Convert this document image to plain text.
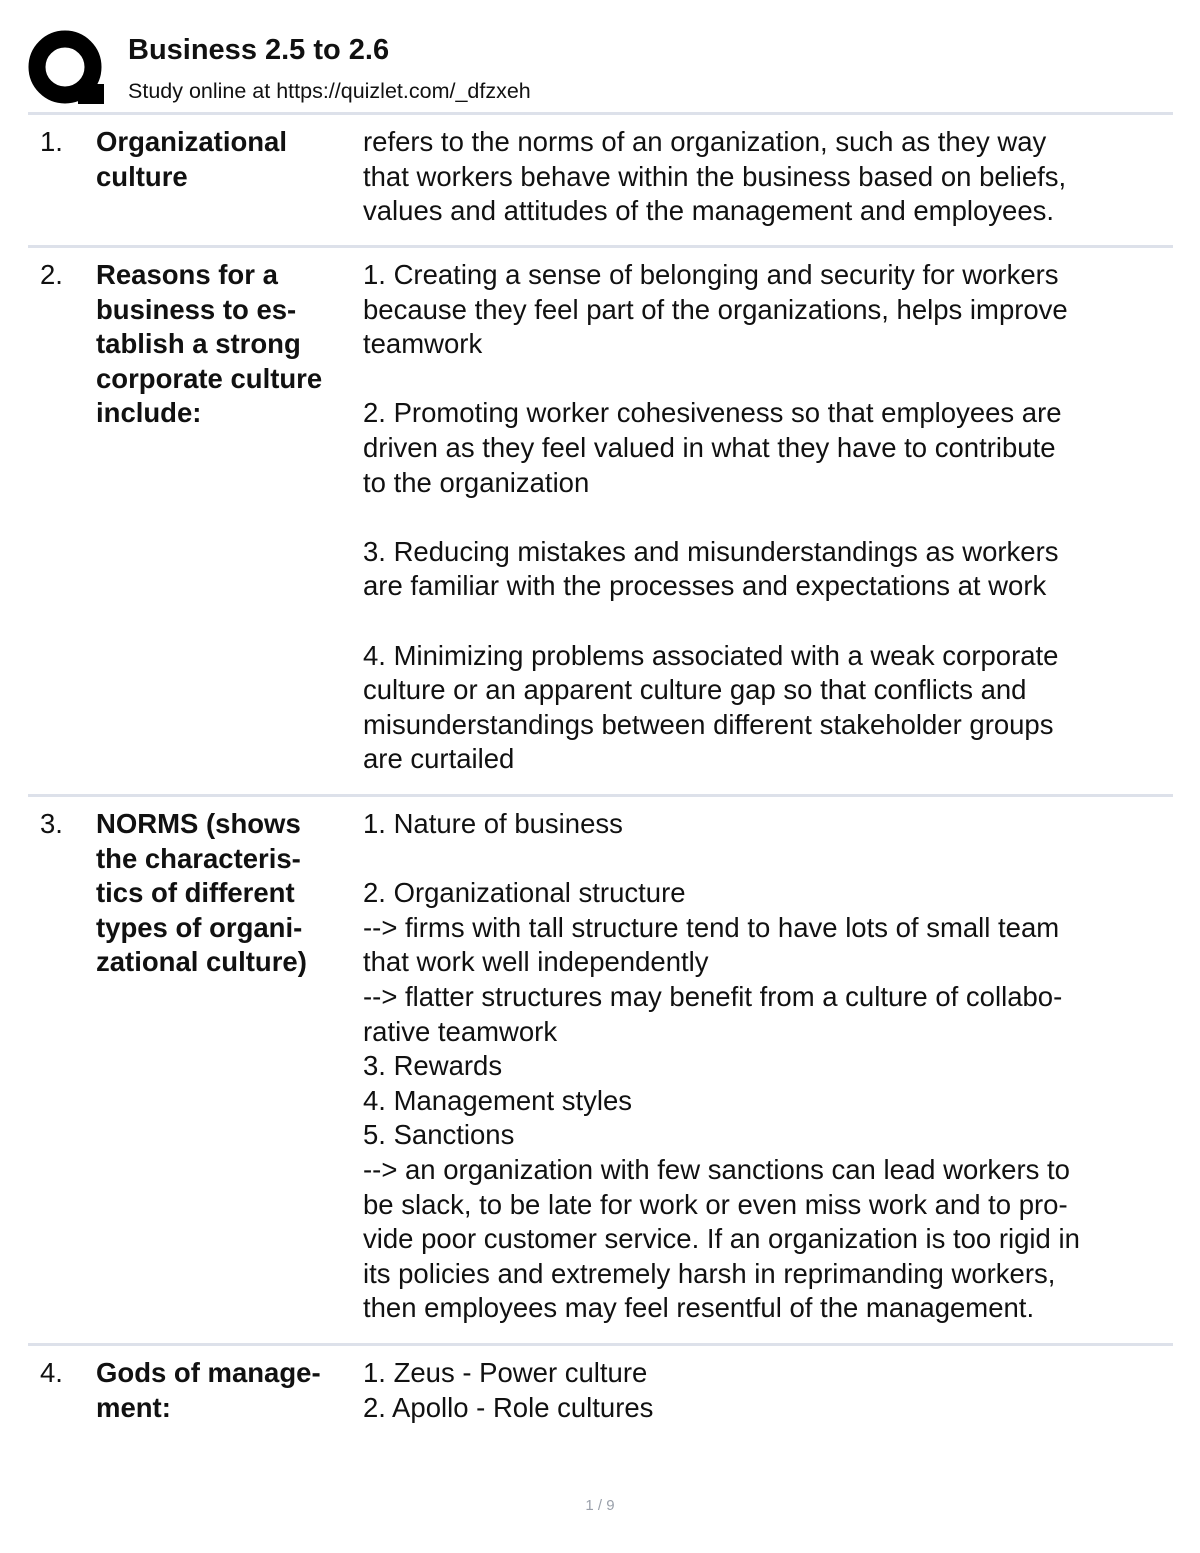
Business 2.5 to 2.6
Study online at https://quizlet.com/_dfzxeh
1. Organizational
culture
refers to the norms of an organization, such as they way
that workers behave within the business based on beliefs,
values and attitudes of the management and employees.
2. Reasons for a
business to es-
tablish a strong
corporate culture
include:
1. Creating a sense of belonging and security for workers
because they feel part of the organizations, helps improve
teamwork

2. Promoting worker cohesiveness so that employees are
driven as they feel valued in what they have to contribute
to the organization

3. Reducing mistakes and misunderstandings as workers
are familiar with the processes and expectations at work

4. Minimizing problems associated with a weak corporate
culture or an apparent culture gap so that conflicts and
misunderstandings between different stakeholder groups
are curtailed
3. NORMS (shows
the characteris-
tics of different
types of organi-
zational culture)
1. Nature of business

2. Organizational structure
--> firms with tall structure tend to have lots of small team
that work well independently
--> flatter structures may benefit from a culture of collabo-
rative teamwork
3. Rewards
4. Management styles
5. Sanctions
--> an organization with few sanctions can lead workers to
be slack, to be late for work or even miss work and to pro-
vide poor customer service. If an organization is too rigid in
its policies and extremely harsh in reprimanding workers,
then employees may feel resentful of the management.
4. Gods of manage-
ment:
1. Zeus - Power culture
2. Apollo - Role cultures
1 / 9
